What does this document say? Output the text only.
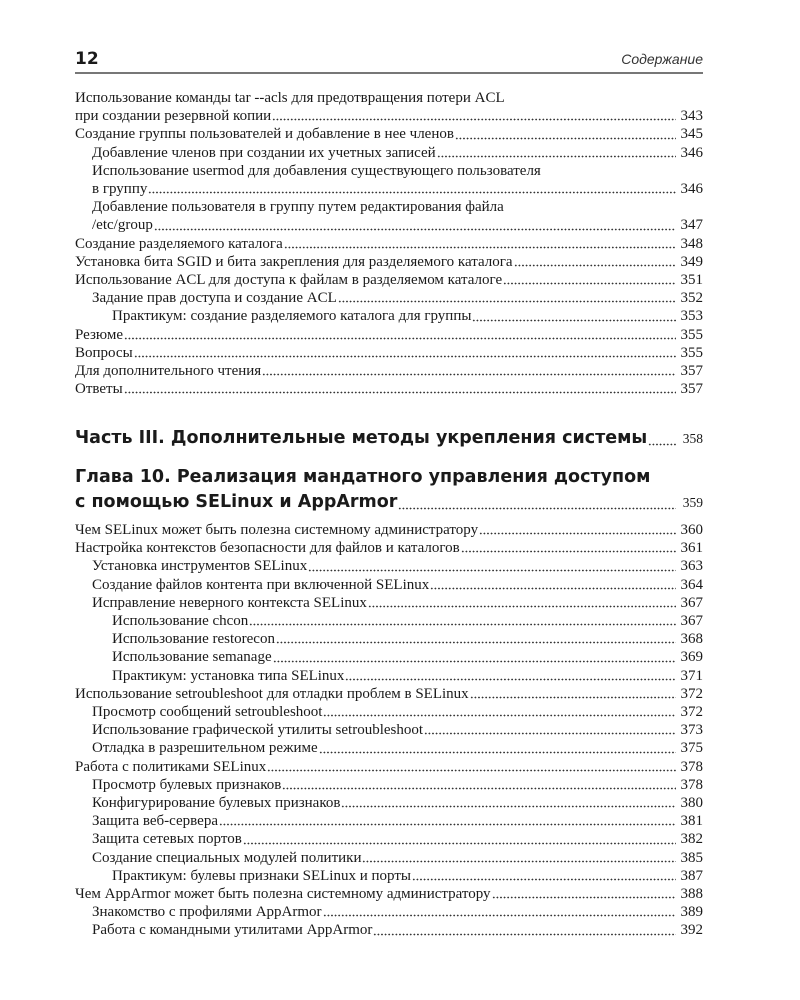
12	Содержание
Использование команды tar --acls для предотвращения потери ACL
при создании резервной копии	343
Создание группы пользователей и добавление в нее членов	345
Добавление членов при создании их учетных записей	346
Использование usermod для добавления существующего пользователя
в группу	346
Добавление пользователя в группу путем редактирования файла
/etc/group	347
Создание разделяемого каталога	348
Установка бита SGID и бита закрепления для разделяемого каталога	349
Использование ACL для доступа к файлам в разделяемом каталоге	351
Задание прав доступа и создание ACL	352
Практикум: создание разделяемого каталога для группы	353
Резюме	355
Вопросы	355
Для дополнительного чтения	357
Ответы	357
Часть III. Дополнительные методы укрепления системы	358
Глава 10. Реализация мандатного управления доступом
с помощью SELinux и AppArmor	359
Чем SELinux может быть полезна системному администратору	360
Настройка контекстов безопасности для файлов и каталогов	361
Установка инструментов SELinux	363
Создание файлов контента при включенной SELinux	364
Исправление неверного контекста SELinux	367
Использование chcon	367
Использование restorecon	368
Использование semanage	369
Практикум: установка типа SELinux	371
Использование setroubleshoot для отладки проблем в SELinux	372
Просмотр сообщений setroubleshoot	372
Использование графической утилиты setroubleshoot	373
Отладка в разрешительном режиме	375
Работа с политиками SELinux	378
Просмотр булевых признаков	378
Конфигурирование булевых признаков	380
Защита веб-сервера	381
Защита сетевых портов	382
Создание специальных модулей политики	385
Практикум: булевы признаки SELinux и порты	387
Чем AppArmor может быть полезна системному администратору	388
Знакомство с профилями AppArmor	389
Работа с командными утилитами AppArmor	392
